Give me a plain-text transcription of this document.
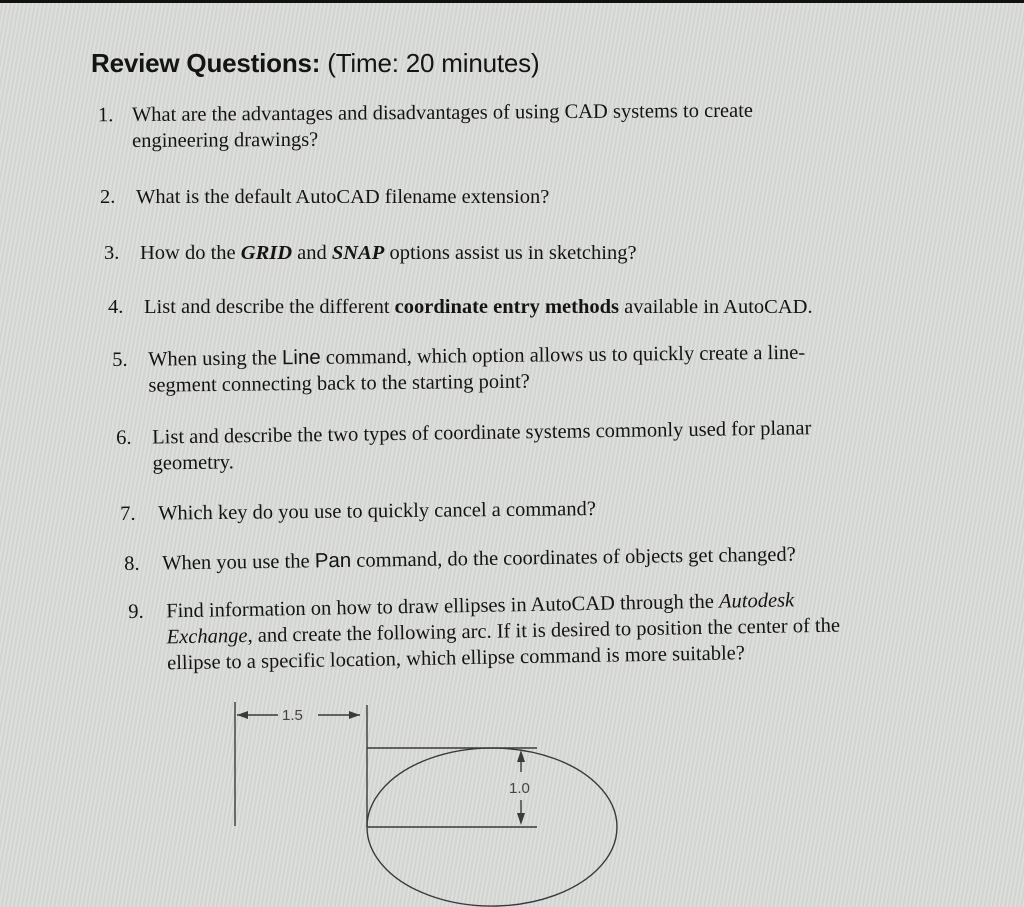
Review Questions: (Time: 20 minutes)
1. What are the advantages and disadvantages of using CAD systems to create
engineering drawings?
2. What is the default AutoCAD filename extension?
3. How do the GRID and SNAP options assist us in sketching?
4. List and describe the different coordinate entry methods available in AutoCAD.
5. When using the Line command, which option allows us to quickly create a line-
segment connecting back to the starting point?
6. List and describe the two types of coordinate systems commonly used for planar
geometry.
7. Which key do you use to quickly cancel a command?
8. When you use the Pan command, do the coordinates of objects get changed?
9. Find information on how to draw ellipses in AutoCAD through the Autodesk
Exchange, and create the following arc. If it is desired to position the center of the
ellipse to a specific location, which ellipse command is more suitable?
1.5
1.0
